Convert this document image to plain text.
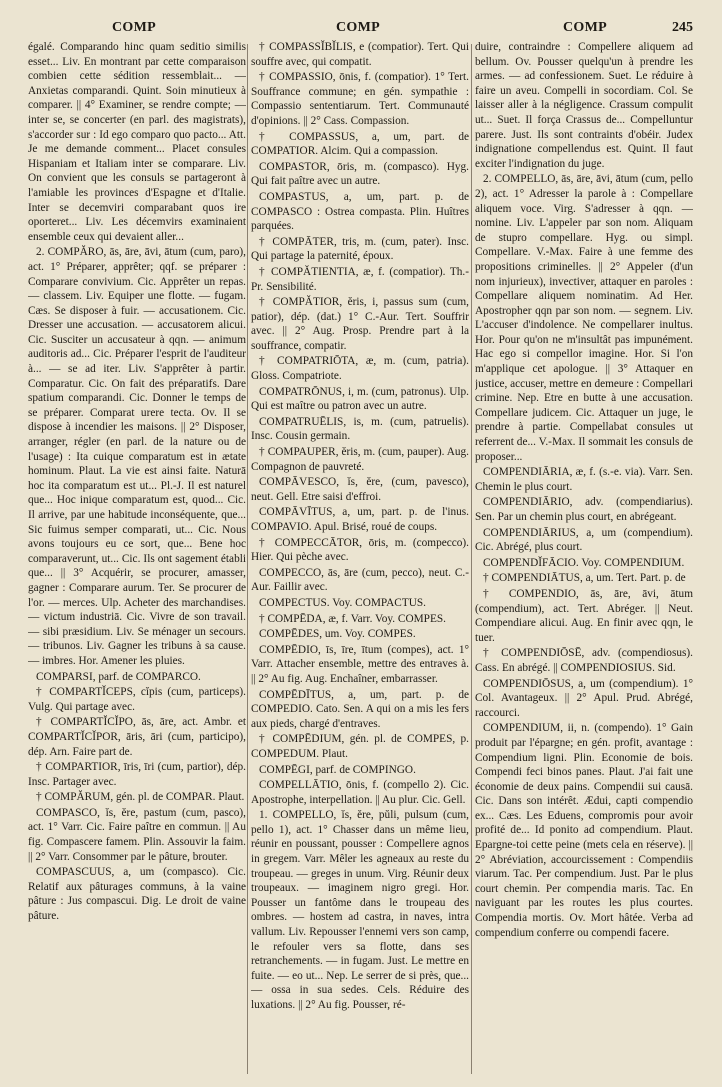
COMP	COMP	COMP	245

égalé. Comparando hinc quam seditio similis esset... Liv. En montrant par cette comparaison combien cette sédition ressemblait... — Anxietas comparandi. Quint. Soin minutieux à comparer. || 4° Examiner, se rendre compte; — inter se, se concerter (en parl. des magistrats), s'accorder sur : Id ego comparo quo pacto... Att. Je me demande comment... Placet consules Hispaniam et Italiam inter se comparare. Liv. On convient que les consuls se partageront à l'amiable les provinces d'Espagne et d'Italie. Inter se decemviri comparabant quos ire oporteret... Liv. Les décemvirs examinaient ensemble ceux qui devaient aller...

2. COMPĂRO, ās, āre, āvi, ātum (cum, paro), act. 1° Préparer, apprêter; qqf. se préparer : Comparare convivium. Cic. Apprêter un repas. — classem. Liv. Equiper une flotte. — fugam. Cæs. Se disposer à fuir. — accusationem. Cic. Dresser une accusation. — accusatorem alicui. Cic. Susciter un accusateur à qqn. — animum auditoris ad... Cic. Préparer l'esprit de l'auditeur à... — se ad iter. Liv. S'apprêter à partir. Comparatur. Cic. On fait des préparatifs. Dare spatium comparandi. Cic. Donner le temps de se préparer. Comparat urere tecta. Ov. Il se dispose à incendier les maisons. || 2° Disposer, arranger, régler (en parl. de la nature ou de l'usage) : Ita cuique comparatum est in ætate hominum. Plaut. La vie est ainsi faite. Naturā hoc ita comparatum est ut... Pl.-J. Il est naturel que... Hoc inique comparatum est, quod... Cic. Il arrive, par une habitude inconséquente, que... Sic fuimus semper comparati, ut... Cic. Nous avons toujours eu ce sort, que... Bene hoc comparaverunt, ut... Cic. Ils ont sagement établi que... || 3° Acquérir, se procurer, amasser, gagner : Comparare aurum. Ter. Se procurer de l'or. — merces. Ulp. Acheter des marchandises. — victum industriā. Cic. Vivre de son travail. — sibi præsidium. Liv. Se ménager un secours. — tribunos. Liv. Gagner les tribuns à sa cause. — imbres. Hor. Amener les pluies.

COMPARSI, parf. de COMPARCO.

† COMPARTĬCEPS, cĭpis (cum, particeps). Vulg. Qui partage avec.

† COMPARTĬCĬPO, ās, āre, act. Ambr. et COMPARTĬCĬPOR, āris, āri (cum, participo), dép. Arn. Faire part de.

† COMPARTIOR, īris, īri (cum, partior), dép. Insc. Partager avec.

† COMPĂRUM, gén. pl. de COMPAR. Plaut.

COMPASCO, ĭs, ĕre, pastum (cum, pasco), act. 1° Varr. Cic. Faire paître en commun. || Au fig. Compascere famem. Plin. Assouvir la faim. || 2° Varr. Consommer par le pâture, brouter.

COMPASCUUS, a, um (compasco). Cic. Relatif aux pâturages communs, à la vaine pâture : Jus compascui. Dig. Le droit de vaine pâture.

† COMPASSĬBĬLIS, e (compatior). Tert. Qui souffre avec, qui compatit.

† COMPASSIO, ōnis, f. (compatior). 1° Tert. Souffrance commune; en gén. sympathie : Compassio sententiarum. Tert. Communauté d'opinions. || 2° Cass. Compassion.

† COMPASSUS, a, um, part. de COMPATIOR. Alcim. Qui a compassion.

COMPASTOR, ōris, m. (compasco). Hyg. Qui fait paître avec un autre.

COMPASTUS, a, um, part. p. de COMPASCO : Ostrea compasta. Plin. Huîtres parquées.

† COMPĀTER, tris, m. (cum, pater). Insc. Qui partage la paternité, époux.

† COMPĂTIENTIA, æ, f. (compatior). Th.-Pr. Sensibilité.

† COMPĂTIOR, ĕris, i, passus sum (cum, patior), dép. (dat.) 1° C.-Aur. Tert. Souffrir avec. || 2° Aug. Prosp. Prendre part à la souffrance, compatir.

† COMPATRIŌTA, æ, m. (cum, patria). Gloss. Compatriote.

COMPATRŌNUS, i, m. (cum, patronus). Ulp. Qui est maître ou patron avec un autre.

COMPATRUĒLIS, is, m. (cum, patruelis). Insc. Cousin germain.

† COMPAUPER, ĕris, m. (cum, pauper). Aug. Compagnon de pauvreté.

COMPĀVESCO, ĭs, ĕre, (cum, pavesco), neut. Gell. Etre saisi d'effroi.

COMPĀVĪTUS, a, um, part. p. de l'inus. COMPAVIO. Apul. Brisé, roué de coups.

† COMPECCĀTOR, ōris, m. (compecco). Hier. Qui pèche avec.

COMPECCO, ās, āre (cum, pecco), neut. C.-Aur. Faillir avec.

COMPECTUS. Voy. COMPACTUS.

† COMPĒDA, æ, f. Varr. Voy. COMPES.

COMPĒDES, um. Voy. COMPES.

COMPĒDIO, īs, īre, ītum (compes), act. 1° Varr. Attacher ensemble, mettre des entraves à. || 2° Au fig. Aug. Enchaîner, embarrasser.

COMPĒDĪTUS, a, um, part. p. de COMPEDIO. Cato. Sen. A qui on a mis les fers aux pieds, chargé d'entraves.

† COMPĒDIUM, gén. pl. de COMPES, p. COMPEDUM. Plaut.

COMPĒGI, parf. de COMPINGO.

COMPELLĀTIO, ōnis, f. (compello 2). Cic. Apostrophe, interpellation. || Au plur. Cic. Gell.

1. COMPELLO, ĭs, ĕre, pŭli, pulsum (cum, pello 1), act. 1° Chasser dans un même lieu, réunir en poussant, pousser : Compellere agnos in gregem. Varr. Mêler les agneaux au reste du troupeau. — greges in unum. Virg. Réunir deux troupeaux. — imaginem nigro gregi. Hor. Pousser un fantôme dans le troupeau des ombres. — hostem ad castra, in naves, intra vallum. Liv. Repousser l'ennemi vers son camp, le refouler vers sa flotte, dans ses retranchements. — in fugam. Just. Le mettre en fuite. — eo ut... Nep. Le serrer de si près, que... — ossa in sua sedes. Cels. Réduire des luxations. || 2° Au fig. Pousser, ré-

duire, contraindre : Compellere aliquem ad bellum. Ov. Pousser quelqu'un à prendre les armes. — ad confessionem. Suet. Le réduire à faire un aveu. Compelli in socordiam. Col. Se laisser aller à la négligence. Crassum compulit ut... Suet. Il força Crassus de... Compelluntur parere. Just. Ils sont contraints d'obéir. Judex indignatione compellendus est. Quint. Il faut exciter l'indignation du juge.

2. COMPELLO, ās, āre, āvi, ātum (cum, pello 2), act. 1° Adresser la parole à : Compellare aliquem voce. Virg. S'adresser à qqn. — nomine. Liv. L'appeler par son nom. Aliquam de stupro compellare. Hyg. ou simpl. Compellare. V.-Max. Faire à une femme des propositions criminelles. || 2° Appeler (d'un nom injurieux), invectiver, attaquer en paroles : Compellare aliquem nominatim. Ad Her. Apostropher qqn par son nom. — segnem. Liv. L'accuser d'indolence. Ne compellarer inultus. Hor. Pour qu'on ne m'insultât pas impunément. Hac ego si compellor imagine. Hor. Si l'on m'applique cet apologue. || 3° Attaquer en justice, accuser, mettre en demeure : Compellari crimine. Nep. Etre en butte à une accusation. Compellare judicem. Cic. Attaquer un juge, le prendre à partie. Compellabat consules ut referrent de... V.-Max. Il sommait les consuls de proposer...

COMPENDIĀRIA, æ, f. (s.-e. via). Varr. Sen. Chemin le plus court.

COMPENDIĀRIO, adv. (compendiarius). Sen. Par un chemin plus court, en abrégeant.

COMPENDIĀRIUS, a, um (compendium). Cic. Abrégé, plus court.

COMPENDĬFĀCIO. Voy. COMPENDIUM.

† COMPENDIĀTUS, a, um. Tert. Part. p. de

† COMPENDIO, ās, āre, āvi, ātum (compendium), act. Tert. Abréger. || Neut. Compendiare alicui. Aug. En finir avec qqn, le tuer.

† COMPENDIŌSĒ, adv. (compendiosus). Cass. En abrégé. || COMPENDIOSIUS. Sid.

COMPENDIŌSUS, a, um (compendium). 1° Col. Avantageux. || 2° Apul. Prud. Abrégé, raccourci.

COMPENDIUM, ii, n. (compendo). 1° Gain produit par l'épargne; en gén. profit, avantage : Compendium ligni. Plin. Economie de bois. Compendi feci binos panes. Plaut. J'ai fait une économie de deux pains. Compendii sui causā. Cic. Dans son intérêt. Ædui, capti compendio ex... Cæs. Les Eduens, compromis pour avoir profité de... Id ponito ad compendium. Plaut. Epargne-toi cette peine (mets cela en réserve). || 2° Abréviation, accourcissement : Compendiis viarum. Tac. Per compendium. Just. Par le plus court chemin. Per compendia maris. Tac. En naviguant par les routes les plus courtes. Compendia mortis. Ov. Mort hâtée. Verba ad compendium conferre ou compendi facere.
